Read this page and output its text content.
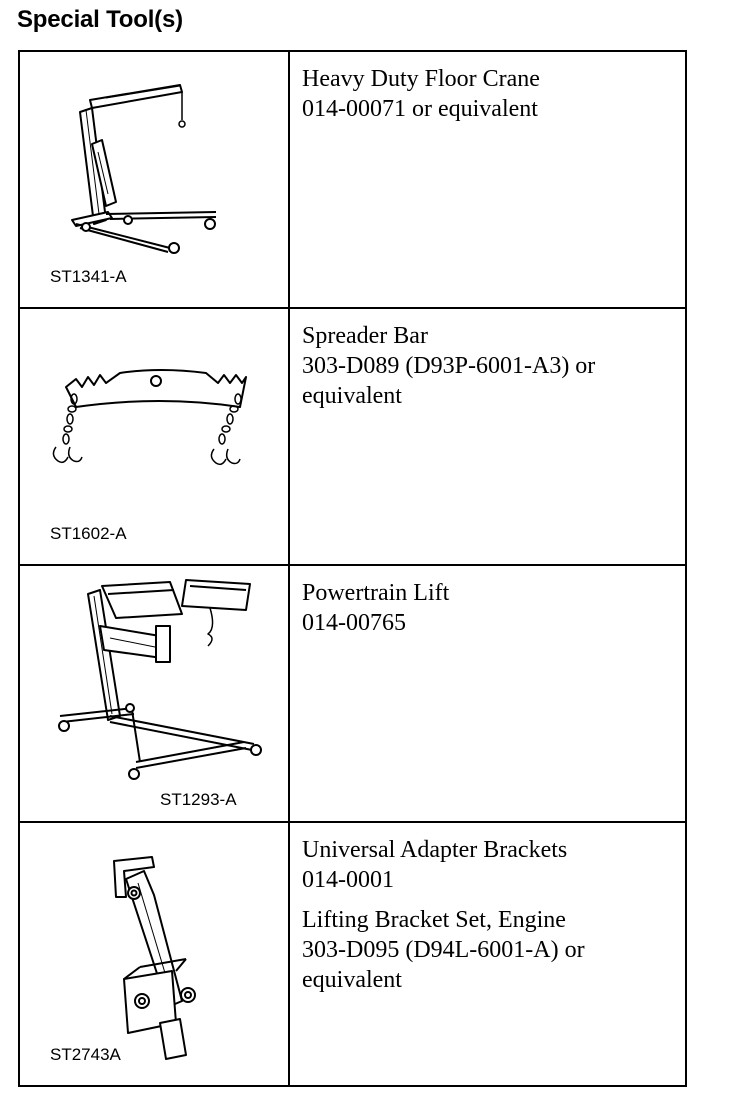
Special Tool(s)
ST1341-A	Heavy Duty Floor Crane
014-00071 or equivalent

ST1602-A	Spreader Bar
303-D089 (D93P-6001-A3) or
equivalent

ST1293-A	Powertrain Lift
014-00765

ST2743A	Universal Adapter Brackets
014-0001
Lifting Bracket Set, Engine
303-D095 (D94L-6001-A) or
equivalent
